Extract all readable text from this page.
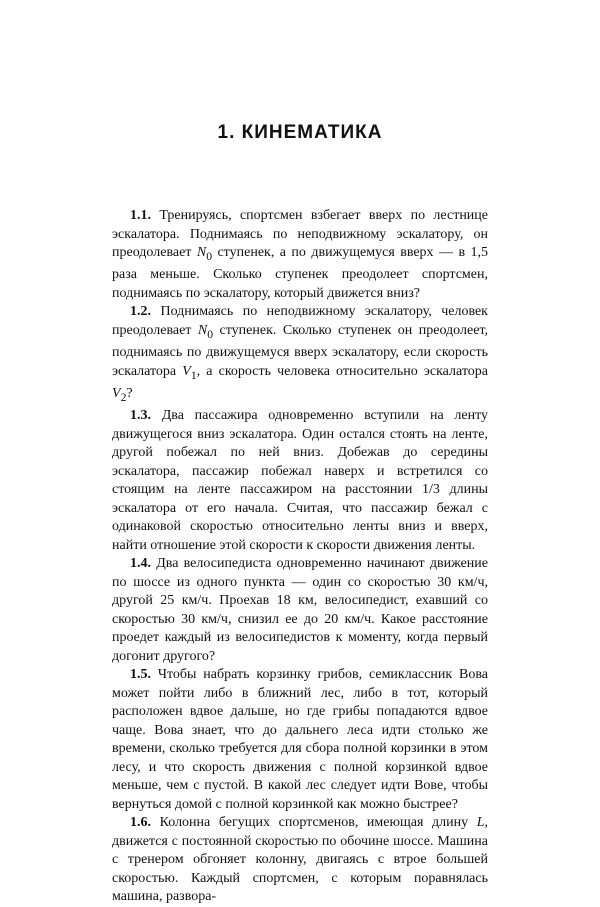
1. КИНЕМАТИКА

1.1. Тренируясь, спортсмен взбегает вверх по лестнице эскалатора. Поднимаясь по неподвижному эскалатору, он преодолевает $N_0$ ступенек, а по движущемуся вверх — в 1,5 раза меньше. Сколько ступенек преодолеет спортсмен, поднимаясь по эскалатору, который движется вниз?

1.2. Поднимаясь по неподвижному эскалатору, человек преодолевает $N_0$ ступенек. Сколько ступенек он преодолеет, поднимаясь по движущемуся вверх эскалатору, если скорость эскалатора $V_1$, а скорость человека относительно эскалатора $V_2$?

1.3. Два пассажира одновременно вступили на ленту движущегося вниз эскалатора. Один остался стоять на ленте, другой побежал по ней вниз. Добежав до середины эскалатора, пассажир побежал наверх и встретился со стоящим на ленте пассажиром на расстоянии 1/3 длины эскалатора от его начала. Считая, что пассажир бежал с одинаковой скоростью относительно ленты вниз и вверх, найти отношение этой скорости к скорости движения ленты.

1.4. Два велосипедиста одновременно начинают движение по шоссе из одного пункта — один со скоростью 30 км/ч, другой 25 км/ч. Проехав 18 км, велосипедист, ехавший со скоростью 30 км/ч, снизил ее до 20 км/ч. Какое расстояние проедет каждый из велосипедистов к моменту, когда первый догонит другого?

1.5. Чтобы набрать корзинку грибов, семиклассник Вова может пойти либо в ближний лес, либо в тот, который расположен вдвое дальше, но где грибы попадаются вдвое чаще. Вова знает, что до дальнего леса идти столько же времени, сколько требуется для сбора полной корзинки в этом лесу, и что скорость движения с полной корзинкой вдвое меньше, чем с пустой. В какой лес следует идти Вове, чтобы вернуться домой с полной корзинкой как можно быстрее?

1.6. Колонна бегущих спортсменов, имеющая длину L, движется с постоянной скоростью по обочине шоссе. Машина с тренером обгоняет колонну, двигаясь с втрое большей скоростью. Каждый спортсмен, с которым поравнялась машина, развора-
